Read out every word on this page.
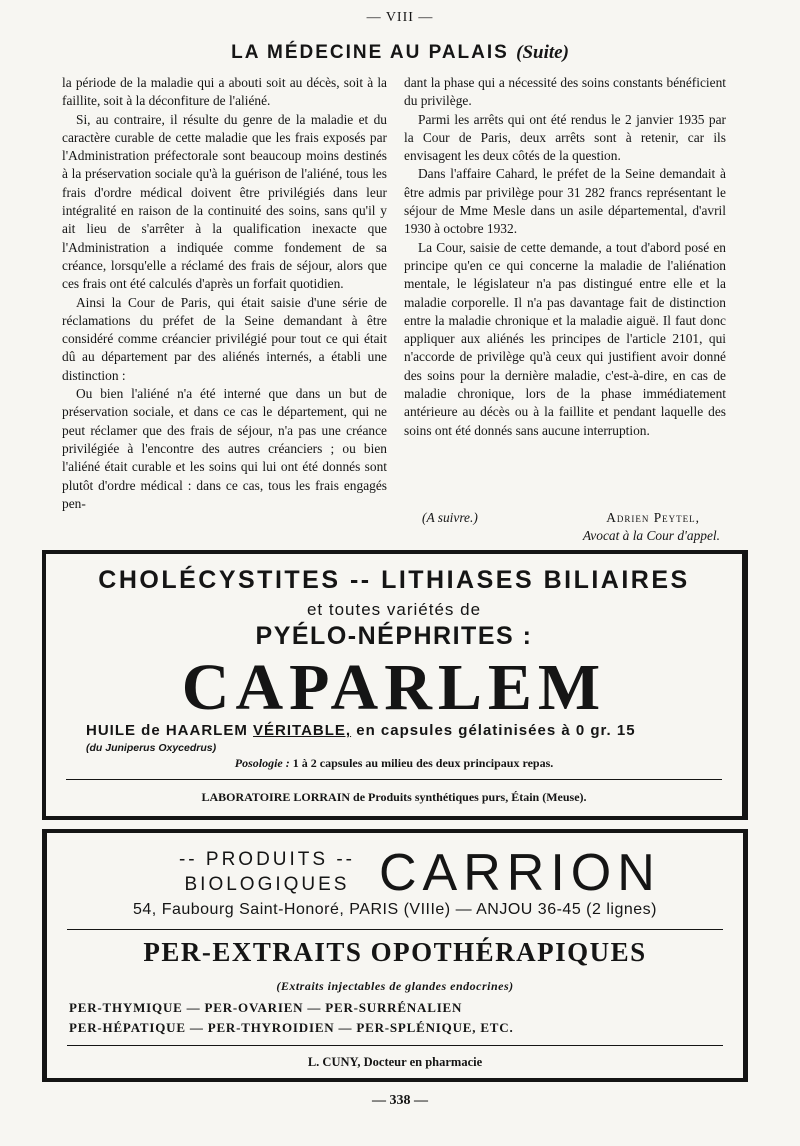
— VIII —
LA MÉDECINE AU PALAIS (Suite)

la période de la maladie qui a abouti soit au décès, soit à la faillite, soit à la déconfiture de l'aliéné.

Si, au contraire, il résulte du genre de la maladie et du caractère curable de cette maladie que les frais exposés par l'Administration préfectorale sont beaucoup moins destinés à la préservation sociale qu'à la guérison de l'aliéné, tous les frais d'ordre médical doivent être privilégiés dans leur intégralité en raison de la continuité des soins, sans qu'il y ait lieu de s'arrêter à la qualification inexacte que l'Administration a indiquée comme fondement de sa créance, lorsqu'elle a réclamé des frais de séjour, alors que ces frais ont été calculés d'après un forfait quotidien.

Ainsi la Cour de Paris, qui était saisie d'une série de réclamations du préfet de la Seine demandant à être considéré comme créancier privilégié pour tout ce qui était dû au département par des aliénés internés, a établi une distinction :

Ou bien l'aliéné n'a été interné que dans un but de préservation sociale, et dans ce cas le département, qui ne peut réclamer que des frais de séjour, n'a pas une créance privilégiée à l'encontre des autres créanciers ; ou bien l'aliéné était curable et les soins qui lui ont été donnés sont plutôt d'ordre médical : dans ce cas, tous les frais engagés pen-

dant la phase qui a nécessité des soins constants bénéficient du privilège.

Parmi les arrêts qui ont été rendus le 2 janvier 1935 par la Cour de Paris, deux arrêts sont à retenir, car ils envisagent les deux côtés de la question.

Dans l'affaire Cahard, le préfet de la Seine demandait à être admis par privilège pour 31 282 francs représentant le séjour de Mme Mesle dans un asile départemental, d'avril 1930 à octobre 1932.

La Cour, saisie de cette demande, a tout d'abord posé en principe qu'en ce qui concerne la maladie de l'aliénation mentale, le législateur n'a pas distingué entre elle et la maladie corporelle. Il n'a pas davantage fait de distinction entre la maladie chronique et la maladie aiguë. Il faut donc appliquer aux aliénés les principes de l'article 2101, qui n'accorde de privilège qu'à ceux qui justifient avoir donné des soins pour la dernière maladie, c'est-à-dire, en cas de maladie chronique, lors de la phase immédiatement antérieure au décès ou à la faillite et pendant laquelle des soins ont été donnés sans aucune interruption.

(A suivre.)	Adrien Peytel,
Avocat à la Cour d'appel.
CHOLÉCYSTITES -- LITHIASES BILIAIRES
et toutes variétés de
PYÉLO-NÉPHRITES :
CAPARLEM
HUILE de HAARLEM VÉRITABLE, en capsules gélatinisées à 0 gr. 15
(du Juniperus Oxycedrus)
Posologie : 1 à 2 capsules au milieu des deux principaux repas.
LABORATOIRE LORRAIN de Produits synthétiques purs, Étain (Meuse).
-- PRODUITS --
BIOLOGIQUES CARRION
54, Faubourg Saint-Honoré, PARIS (VIIIe) — ANJOU 36-45 (2 lignes)
PER-EXTRAITS OPOTHÉRAPIQUES
(Extraits injectables de glandes endocrines)
PER-THYMIQUE — PER-OVARIEN — PER-SURRÉNALIEN
PER-HÉPATIQUE — PER-THYROIDIEN — PER-SPLÉNIQUE, ETC.
L. CUNY, Docteur en pharmacie
— 338 —
